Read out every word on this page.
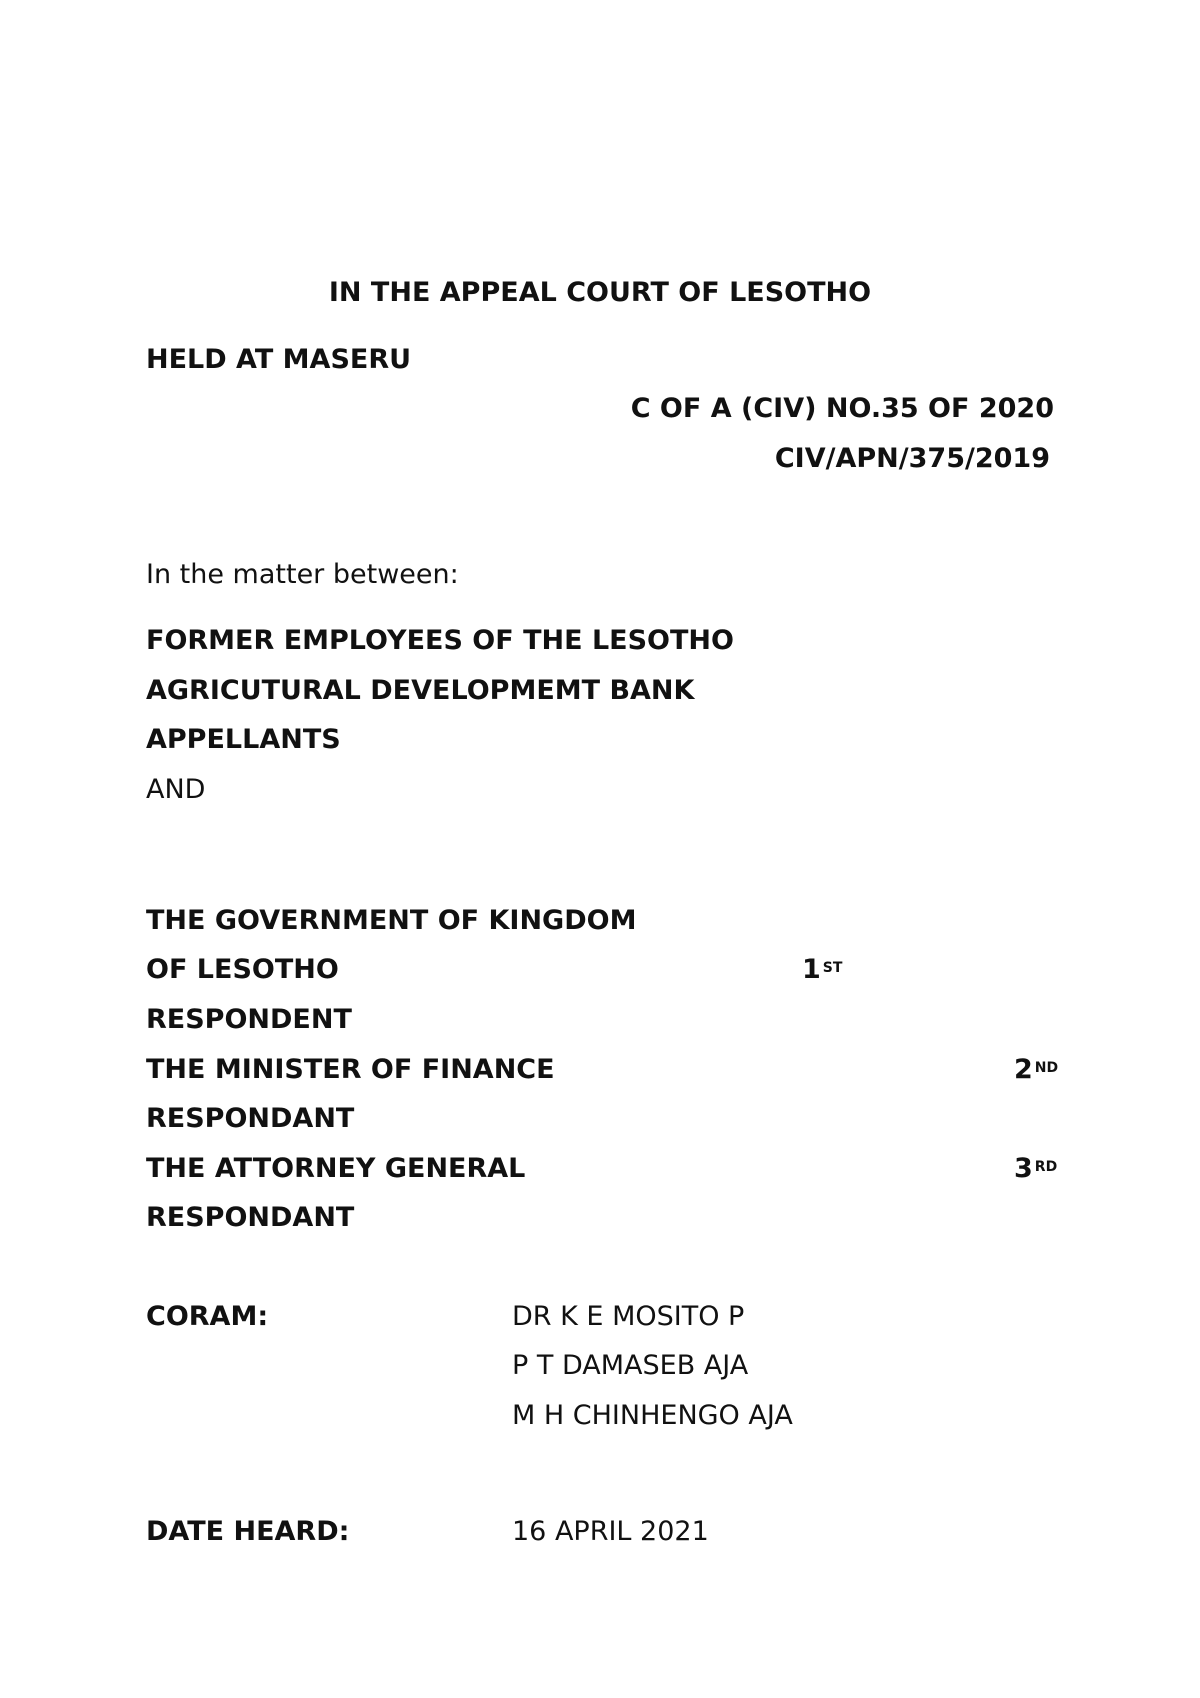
IN THE APPEAL COURT OF LESOTHO
HELD AT MASERU
C OF A (CIV) NO.35 OF 2020
CIV/APN/375/2019
In the matter between:
FORMER EMPLOYEES OF THE LESOTHO
AGRICUTURAL DEVELOPMEMT BANK
APPELLANTS
AND
THE GOVERNMENT OF KINGDOM
OF LESOTHO	1 $^{ST}$
RESPONDENT
THE MINISTER OF FINANCE	2 $^{ND}$
RESPONDANT
THE ATTORNEY GENERAL	3 $^{RD}$
RESPONDANT
CORAM:	DR K E MOSITO P
P T DAMASEB AJA
M H CHINHENGO AJA
DATE HEARD:	16 APRIL 2021
